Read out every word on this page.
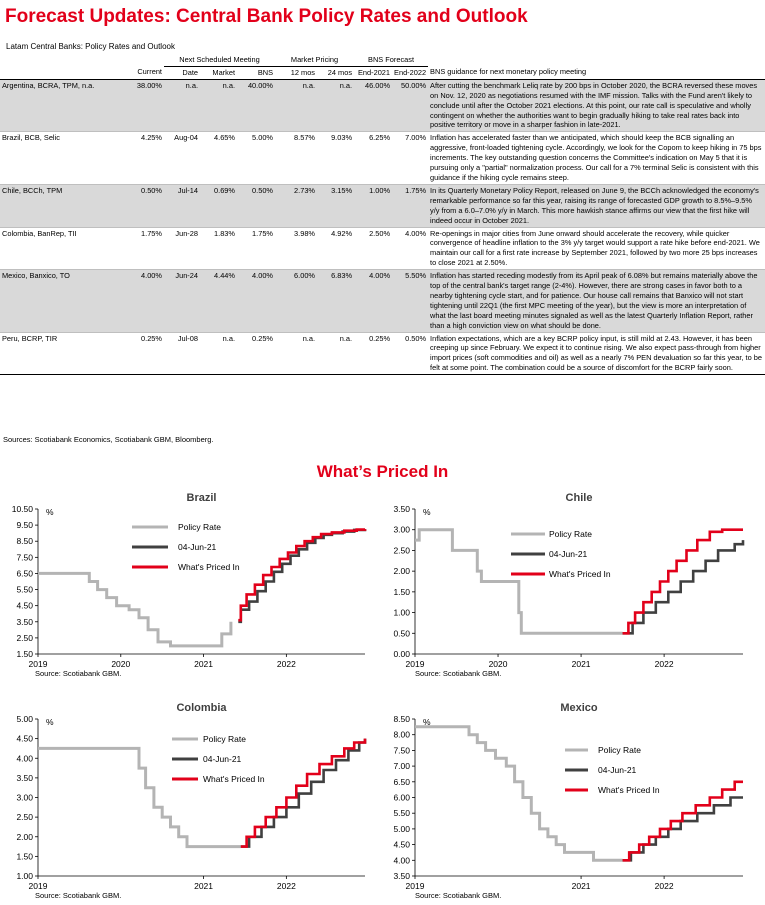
Forecast Updates: Central Bank Policy Rates and Outlook
Latam Central Banks: Policy Rates and Outlook
		Next Scheduled Meeting			Market Pricing		BNS Forecast		
	Current	Date	Market	BNS	12 mos	24 mos	End-2021	End-2022	BNS guidance for next monetary policy meeting
Argentina, BCRA, TPM, n.a.	38.00%	n.a.	n.a.	40.00%	n.a.	n.a.	46.00%	50.00%	After cutting the benchmark Leliq rate by 200 bps in October 2020, the BCRA reversed these moves on Nov. 12, 2020 as negotiations resumed with the IMF mission. Talks with the Fund aren't likely to conclude until after the October 2021 elections. At this point, our rate call is speculative and wholly contingent on whether the authorities want to begin gradually hiking to take real rates back into positive territory or move in a sharper fashion in late-2021.
Brazil, BCB, Selic	4.25%	Aug-04	4.65%	5.00%	8.57%	9.03%	6.25%	7.00%	Inflation has accelerated faster than we anticipated, which should keep the BCB signalling an aggressive, front-loaded tightening cycle. Accordingly, we look for the Copom to keep hiking in 75 bps increments. The key outstanding question concerns the Committee's indication on May 5 that it is pursuing only a "partial" normalization process. Our call for a 7% terminal Selic is consistent with this guidance if the hiking cycle remains steep.
Chile, BCCh, TPM	0.50%	Jul-14	0.69%	0.50%	2.73%	3.15%	1.00%	1.75%	In its Quarterly Monetary Policy Report, released on June 9, the BCCh acknowledged the economy's remarkable performance so far this year, raising its range of forecasted GDP growth to 8.5%–9.5% y/y from a 6.0–7.0% y/y in March. This more hawkish stance affirms our view that the first hike will indeed occur in October 2021.
Colombia, BanRep, TII	1.75%	Jun-28	1.83%	1.75%	3.98%	4.92%	2.50%	4.00%	Re-openings in major cities from June onward should accelerate the recovery, while quicker convergence of headline inflation to the 3% y/y target would support a rate hike before end-2021. We maintain our call for a first rate increase by September 2021, followed by two more 25 bps increases to close 2021 at 2.50%.
Mexico, Banxico, TO	4.00%	Jun-24	4.44%	4.00%	6.00%	6.83%	4.00%	5.50%	Inflation has started receding modestly from its April peak of 6.08% but remains materially above the top of the central bank's target range (2-4%). However, there are strong cases in favor both to a nearby tightening cycle start, and for patience. Our house call remains that Banxico will not start tightening until 22Q1 (the first MPC meeting of the year), but the view is more an interpretation of what the last board meeting minutes signaled as well as the latest Quarterly Inflation Report, rather than a high conviction view on what should be done.
Peru, BCRP, TIR	0.25%	Jul-08	n.a.	0.25%	n.a.	n.a.	0.25%	0.50%	Inflation expectations, which are a key BCRP policy input, is still mild at 2.43. However, it has been creeping up since February. We expect it to continue rising. We also expect pass-through from higher import prices (soft commodities and oil) as well as a nearly 7% PEN devaluation so far this year, to be felt at some point. The combination could be a source of discomfort for the BCRP fairly soon.
Sources: Scotiabank Economics, Scotiabank GBM, Bloomberg.
What’s Priced In
Brazil
10.50
9.50
8.50
7.50
6.50
5.50
4.50
3.50
2.50
1.50
%
2019	2020	2021	2022
Policy Rate
04-Jun-21
What's Priced In
Source: Scotiabank GBM.
Chile
3.50
3.00
2.50
2.00
1.50
1.00
0.50
0.00
%
2019	2020	2021	2022
Policy Rate
04-Jun-21
What's Priced In
Source: Scotiabank GBM.
Colombia
5.00
4.50
4.00
3.50
3.00
2.50
2.00
1.50
1.00
%
2019	2021	2022
Policy Rate
04-Jun-21
What's Priced In
Source: Scotiabank GBM.
Mexico
8.50
8.00
7.50
7.00
6.50
6.00
5.50
5.00
4.50
4.00
3.50
%
2019	2021	2022
Policy Rate
04-Jun-21
What's Priced In
Source: Scotiabank GBM.
